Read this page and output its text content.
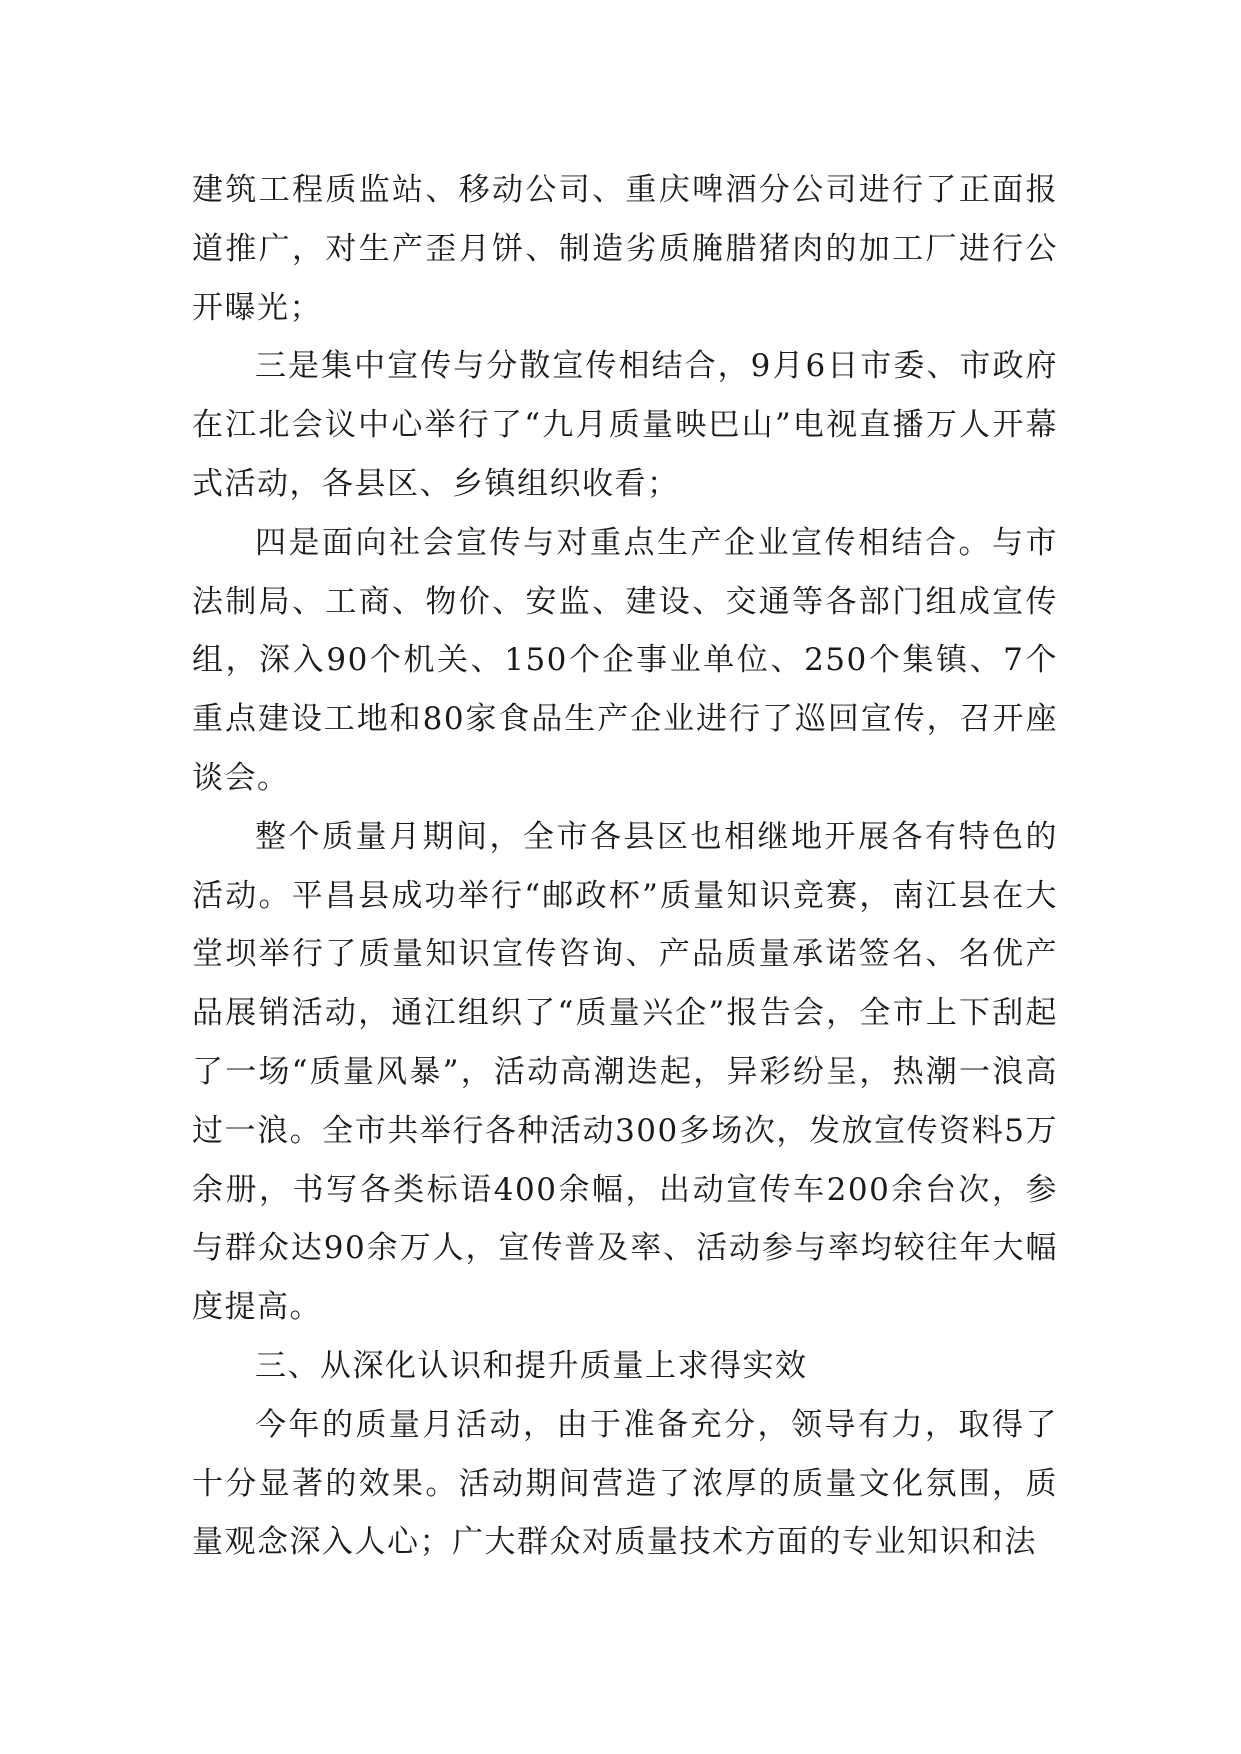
建筑工程质监站、移动公司、重庆啤酒分公司进行了正面报道推广，对生产歪月饼、制造劣质腌腊猪肉的加工厂进行公开曝光；

三是集中宣传与分散宣传相结合，9月6日市委、市政府在江北会议中心举行了“九月质量映巴山”电视直播万人开幕式活动，各县区、乡镇组织收看；

四是面向社会宣传与对重点生产企业宣传相结合。与市法制局、工商、物价、安监、建设、交通等各部门组成宣传组，深入90个机关、150个企事业单位、250个集镇、7个重点建设工地和80家食品生产企业进行了巡回宣传，召开座谈会。

整个质量月期间，全市各县区也相继地开展各有特色的活动。平昌县成功举行“邮政杯”质量知识竞赛，南江县在大堂坝举行了质量知识宣传咨询、产品质量承诺签名、名优产品展销活动，通江组织了“质量兴企”报告会，全市上下刮起了一场“质量风暴”，活动高潮迭起，异彩纷呈，热潮一浪高过一浪。全市共举行各种活动300多场次，发放宣传资料5万余册，书写各类标语400余幅，出动宣传车200余台次，参与群众达90余万人，宣传普及率、活动参与率均较往年大幅度提高。

三、从深化认识和提升质量上求得实效

今年的质量月活动，由于准备充分，领导有力，取得了十分显著的效果。活动期间营造了浓厚的质量文化氛围，质量观念深入人心；广大群众对质量技术方面的专业知识和法
